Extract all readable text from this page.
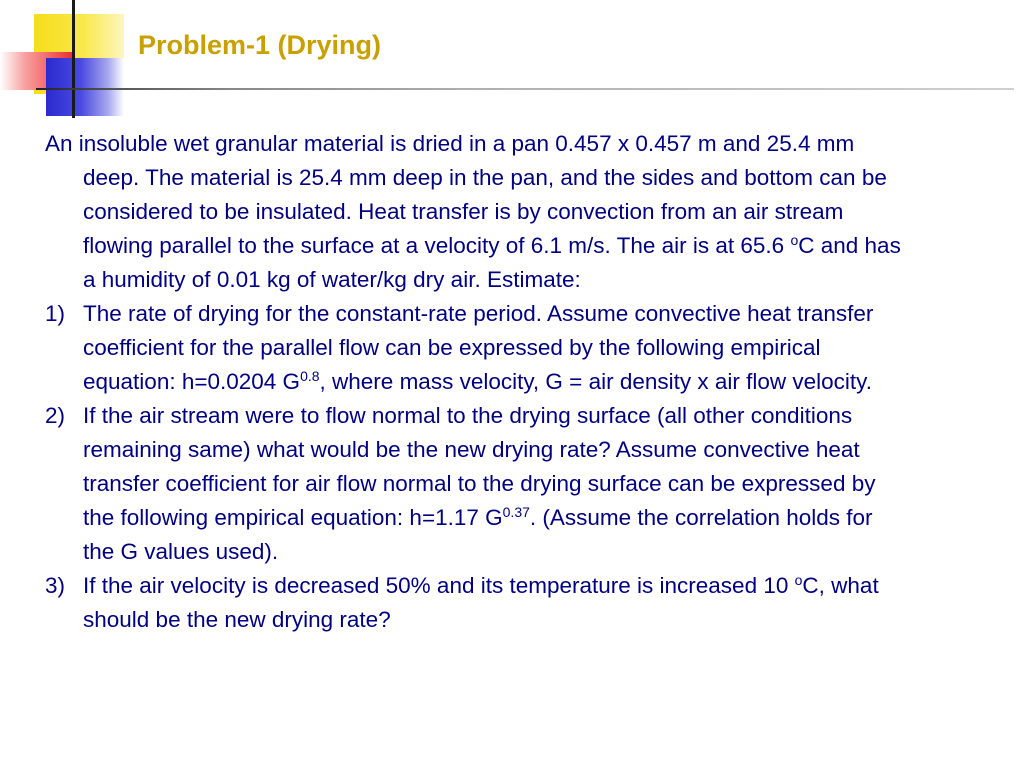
Problem-1 (Drying)

An insoluble wet granular material is dried in a pan 0.457 x 0.457 m and 25.4 mm deep. The material is 25.4 mm deep in the pan, and the sides and bottom can be considered to be insulated. Heat transfer is by convection from an air stream flowing parallel to the surface at a velocity of 6.1 m/s. The air is at 65.6 $^o$C and has a humidity of 0.01 kg of water/kg dry air. Estimate:

1) The rate of drying for the constant-rate period. Assume convective heat transfer coefficient for the parallel flow can be expressed by the following empirical equation: h=0.0204 $G^{0.8}$, where mass velocity, G = air density x air flow velocity.
2) If the air stream were to flow normal to the drying surface (all other conditions remaining same) what would be the new drying rate? Assume convective heat transfer coefficient for air flow normal to the drying surface can be expressed by the following empirical equation: h=1.17 $G^{0.37}$. (Assume the correlation holds for the G values used).
3) If the air velocity is decreased 50% and its temperature is increased 10 $^o$C, what should be the new drying rate?
